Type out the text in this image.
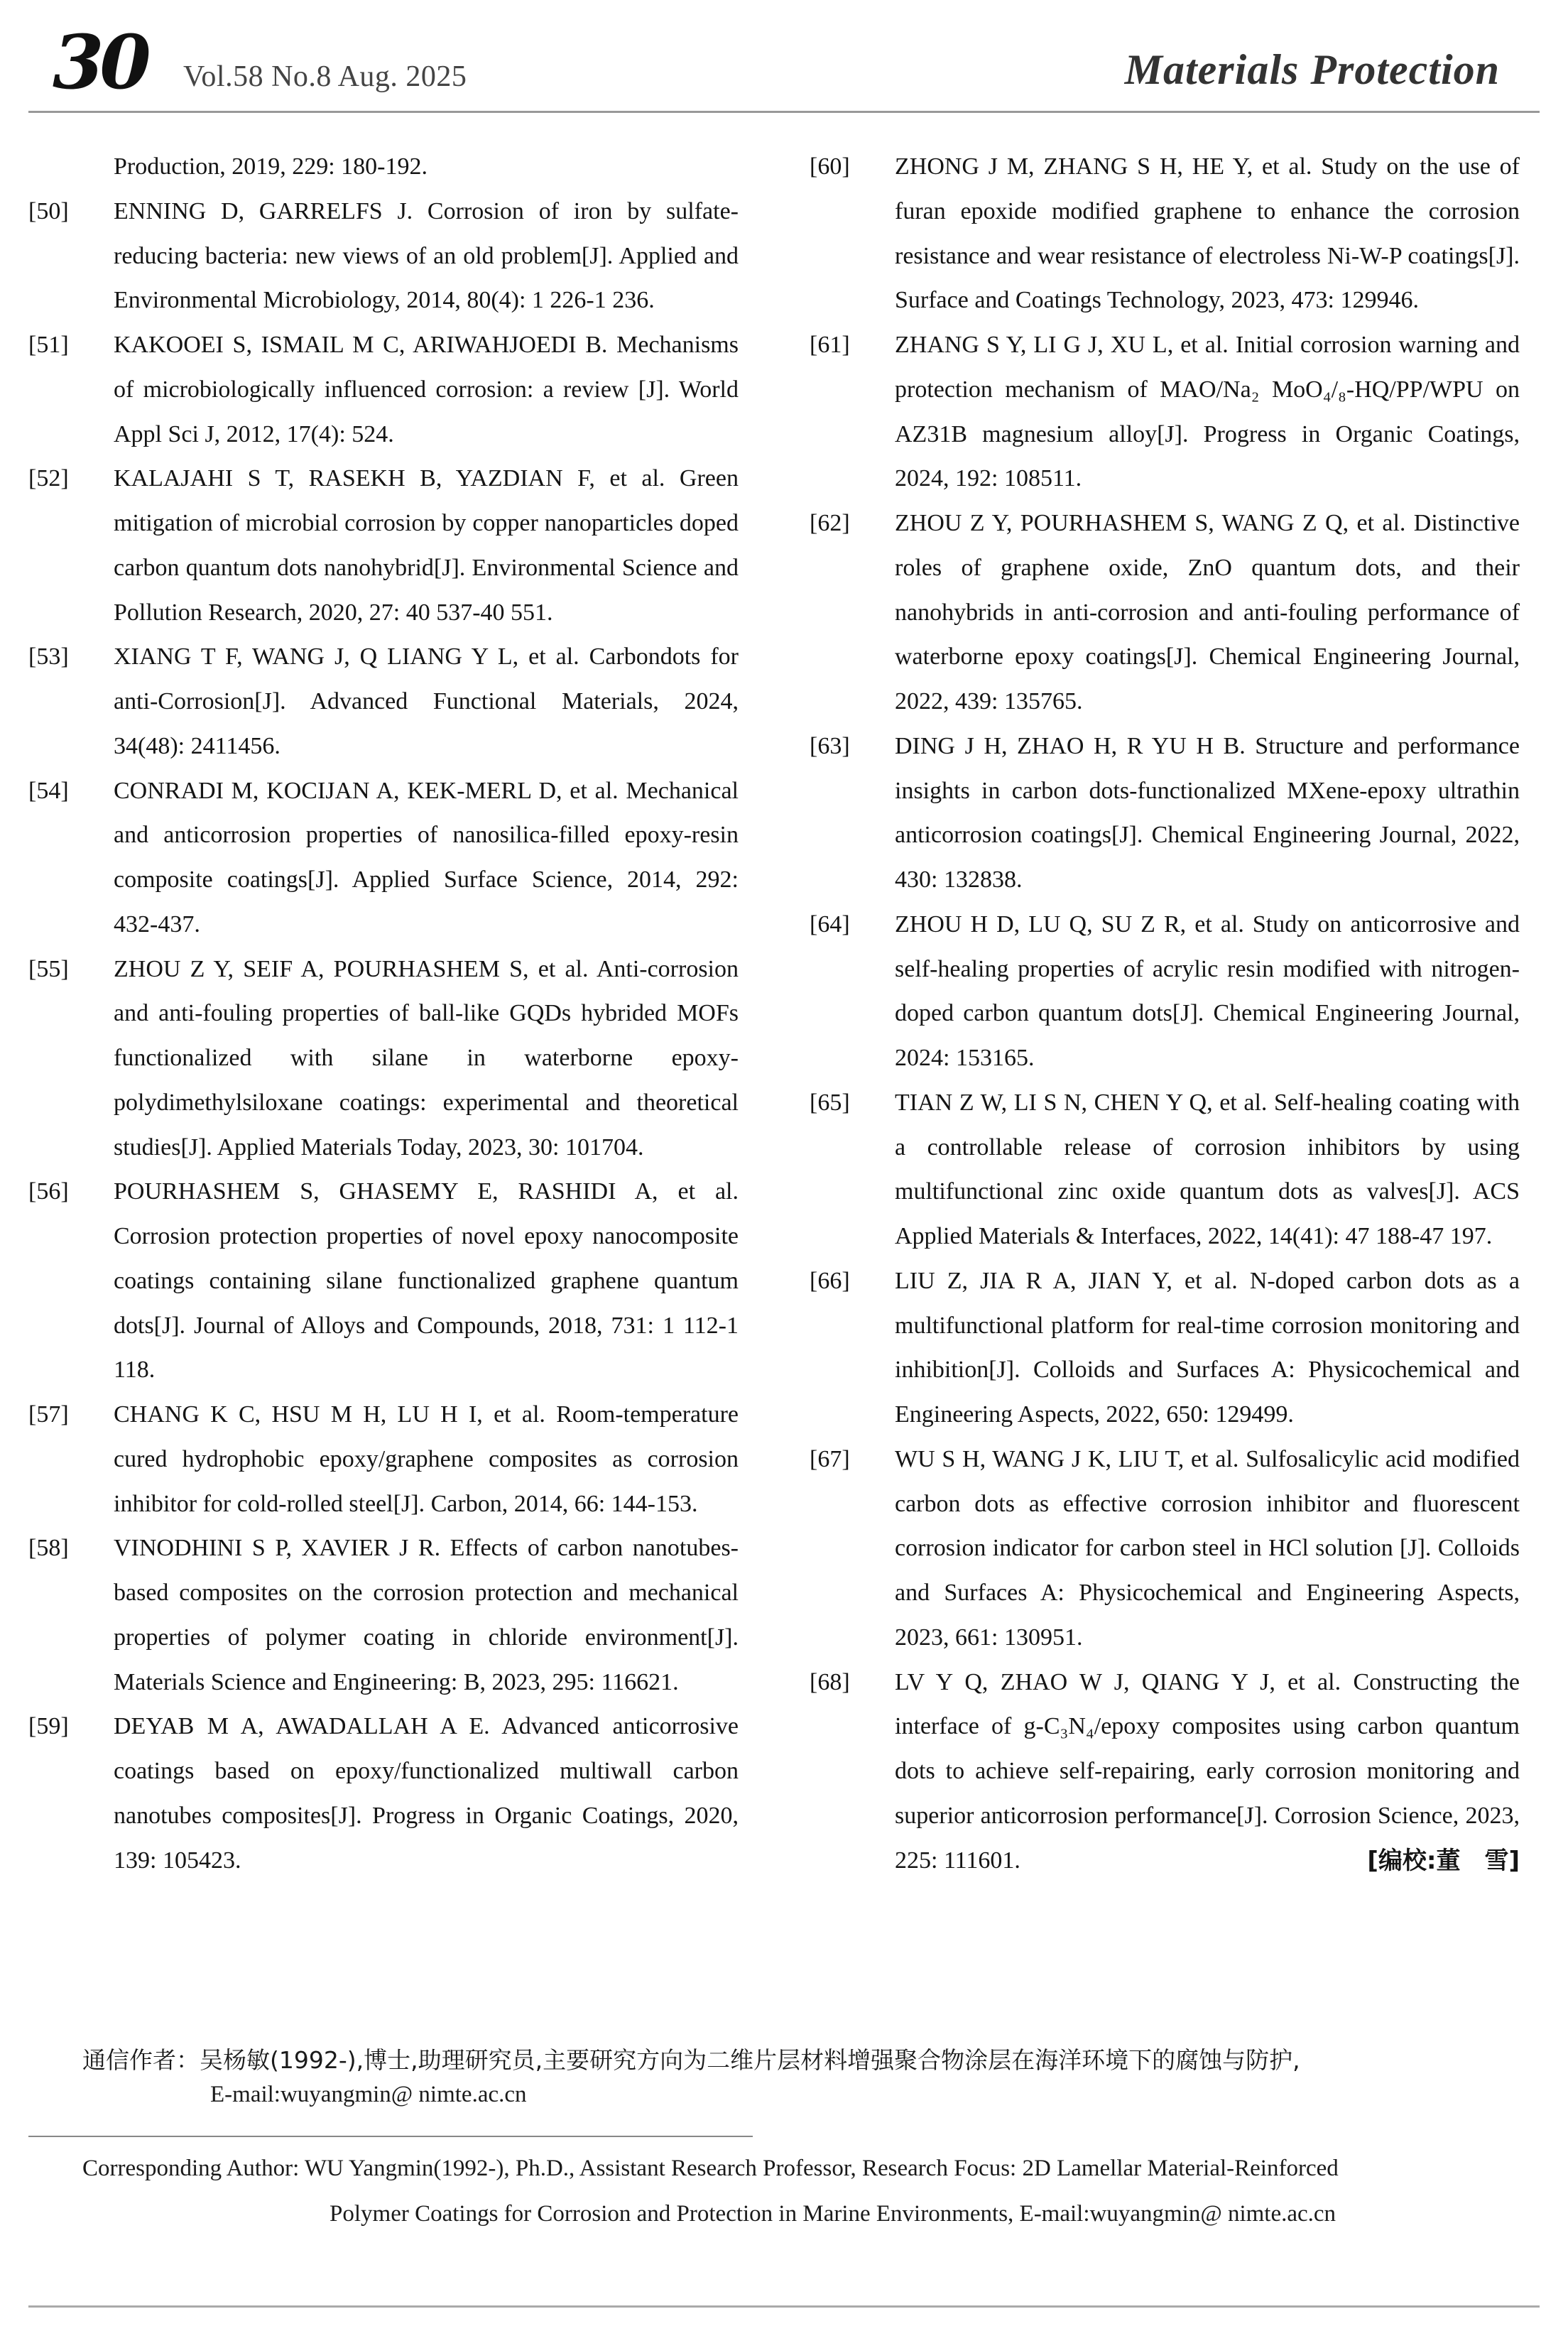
30 Vol.58 No.8 Aug. 2025	Materials Protection
Production, 2019, 229: 180-192.
[50]	ENNING D, GARRELFS J. Corrosion of iron by sulfate-reducing bacteria: new views of an old problem[J]. Applied and Environmental Microbiology, 2014, 80(4): 1 226-1 236.
[51]	KAKOOEI S, ISMAIL M C, ARIWAHJOEDI B. Mechanisms of microbiologically influenced corrosion: a review [J]. World Appl Sci J, 2012, 17(4): 524.
[52]	KALAJAHI S T, RASEKH B, YAZDIAN F, et al. Green mitigation of microbial corrosion by copper nanoparticles doped carbon quantum dots nanohybrid[J]. Environmental Science and Pollution Research, 2020, 27: 40 537-40 551.
[53]	XIANG T F, WANG J, Q LIANG Y L, et al. Carbondots for anti-Corrosion[J]. Advanced Functional Materials, 2024, 34(48): 2411456.
[54]	CONRADI M, KOCIJAN A, KEK-MERL D, et al. Mechanical and anticorrosion properties of nanosilica-filled epoxy-resin composite coatings[J]. Applied Surface Science, 2014, 292: 432-437.
[55]	ZHOU Z Y, SEIF A, POURHASHEM S, et al. Anti-corrosion and anti-fouling properties of ball-like GQDs hybrided MOFs functionalized with silane in waterborne epoxy-polydimethylsiloxane coatings: experimental and theoretical studies[J]. Applied Materials Today, 2023, 30: 101704.
[56]	POURHASHEM S, GHASEMY E, RASHIDI A, et al. Corrosion protection properties of novel epoxy nanocomposite coatings containing silane functionalized graphene quantum dots[J]. Journal of Alloys and Compounds, 2018, 731: 1 112-1 118.
[57]	CHANG K C, HSU M H, LU H I, et al. Room-temperature cured hydrophobic epoxy/graphene composites as corrosion inhibitor for cold-rolled steel[J]. Carbon, 2014, 66: 144-153.
[58]	VINODHINI S P, XAVIER J R. Effects of carbon nanotubes-based composites on the corrosion protection and mechanical properties of polymer coating in chloride environment[J]. Materials Science and Engineering: B, 2023, 295: 116621.
[59]	DEYAB M A, AWADALLAH A E. Advanced anticorrosive coatings based on epoxy/functionalized multiwall carbon nanotubes composites[J]. Progress in Organic Coatings, 2020, 139: 105423.
[60]	ZHONG J M, ZHANG S H, HE Y, et al. Study on the use of furan epoxide modified graphene to enhance the corrosion resistance and wear resistance of electroless Ni-W-P coatings[J]. Surface and Coatings Technology, 2023, 473: 129946.
[61]	ZHANG S Y, LI G J, XU L, et al. Initial corrosion warning and protection mechanism of MAO/Na₂ MoO₄/₈-HQ/PP/WPU on AZ31B magnesium alloy[J]. Progress in Organic Coatings, 2024, 192: 108511.
[62]	ZHOU Z Y, POURHASHEM S, WANG Z Q, et al. Distinctive roles of graphene oxide, ZnO quantum dots, and their nanohybrids in anti-corrosion and anti-fouling performance of waterborne epoxy coatings[J]. Chemical Engineering Journal, 2022, 439: 135765.
[63]	DING J H, ZHAO H, R YU H B. Structure and performance insights in carbon dots-functionalized MXene-epoxy ultrathin anticorrosion coatings[J]. Chemical Engineering Journal, 2022, 430: 132838.
[64]	ZHOU H D, LU Q, SU Z R, et al. Study on anticorrosive and self-healing properties of acrylic resin modified with nitrogen-doped carbon quantum dots[J]. Chemical Engineering Journal, 2024: 153165.
[65]	TIAN Z W, LI S N, CHEN Y Q, et al. Self-healing coating with a controllable release of corrosion inhibitors by using multifunctional zinc oxide quantum dots as valves[J]. ACS Applied Materials & Interfaces, 2022, 14(41): 47 188-47 197.
[66]	LIU Z, JIA R A, JIAN Y, et al. N-doped carbon dots as a multifunctional platform for real-time corrosion monitoring and inhibition[J]. Colloids and Surfaces A: Physicochemical and Engineering Aspects, 2022, 650: 129499.
[67]	WU S H, WANG J K, LIU T, et al. Sulfosalicylic acid modified carbon dots as effective corrosion inhibitor and fluorescent corrosion indicator for carbon steel in HCl solution [J]. Colloids and Surfaces A: Physicochemical and Engineering Aspects, 2023, 661: 130951.
[68]	LV Y Q, ZHAO W J, QIANG Y J, et al. Constructing the interface of g-C₃N₄/epoxy composites using carbon quantum dots to achieve self-repairing, early corrosion monitoring and superior anticorrosion performance[J]. Corrosion Science, 2023, 225: 111601.	[编校:董　雪]
通信作者：吴杨敏(1992-),博士,助理研究员,主要研究方向为二维片层材料增强聚合物涂层在海洋环境下的腐蚀与防护,
E-mail:wuyangmin@ nimte.ac.cn
Corresponding Author: WU Yangmin(1992-), Ph.D., Assistant Research Professor, Research Focus: 2D Lamellar Material-Reinforced
Polymer Coatings for Corrosion and Protection in Marine Environments, E-mail:wuyangmin@ nimte.ac.cn
